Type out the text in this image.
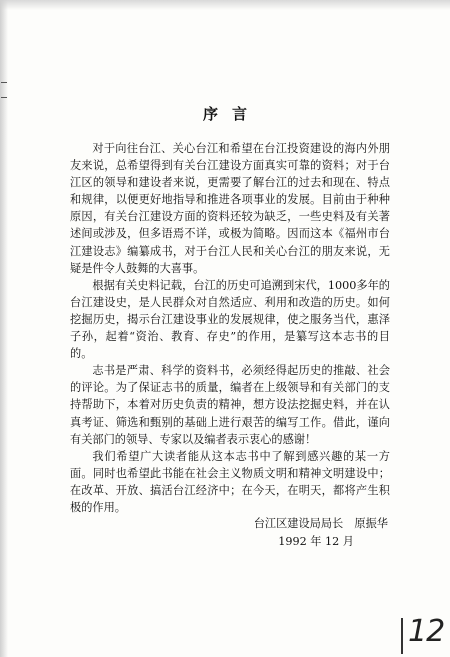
序言

对于向往台江、关心台江和希望在台江投资建设的海内外朋友来说，总希望得到有关台江建设方面真实可靠的资料；对于台江区的领导和建设者来说，更需要了解台江的过去和现在、特点和规律，以便更好地指导和推进各项事业的发展。目前由于种种原因，有关台江建设方面的资料还较为缺乏，一些史料及有关著述间或涉及，但多语焉不详，或极为简略。因而这本《福州市台江建设志》编纂成书，对于台江人民和关心台江的朋友来说，无疑是件令人鼓舞的大喜事。

根据有关史料记载，台江的历史可追溯到宋代，1000多年的台江建设史，是人民群众对自然适应、利用和改造的历史。如何挖掘历史，揭示台江建设事业的发展规律，使之服务当代，惠泽子孙，起着“资治、教育、存史”的作用，是纂写这本志书的目的。

志书是严肃、科学的资料书，必须经得起历史的推敲、社会的评论。为了保证志书的质量，编者在上级领导和有关部门的支持帮助下，本着对历史负责的精神，想方设法挖掘史料，并在认真考证、筛选和甄别的基础上进行艰苦的编写工作。借此，谨向有关部门的领导、专家以及编者表示衷心的感谢！

我们希望广大读者能从这本志书中了解到感兴趣的某一方面。同时也希望此书能在社会主义物质文明和精神文明建设中；在改革、开放、搞活台江经济中；在今天，在明天，都将产生积极的作用。

台江区建设局局长　原振华
1992 年 12 月
12
